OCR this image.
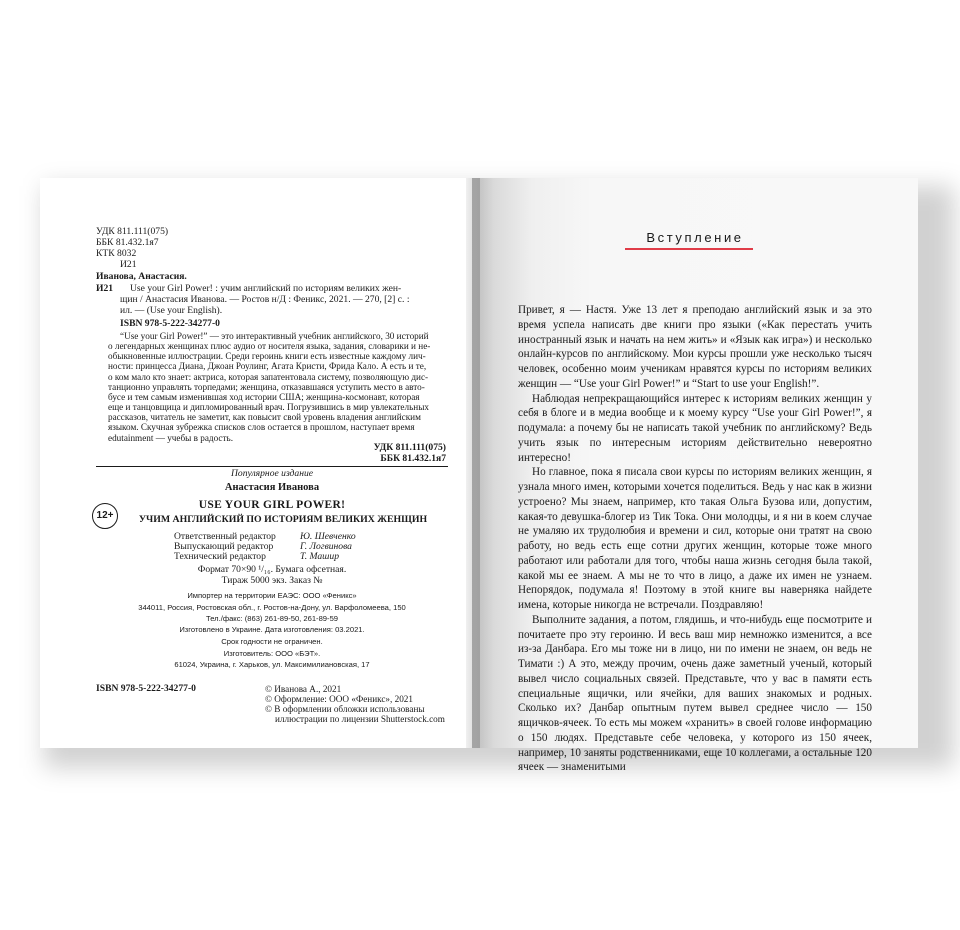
УДК 811.111(075)
ББК 81.432.1я7
КТК 8032
И21
Иванова, Анастасия.
И21 Use your Girl Power! : учим английский по историям великих жен-
щин / Анастасия Иванова. — Ростов н/Д : Феникс, 2021. — 270, [2] с. :
ил. — (Use your English).
ISBN 978-5-222-34277-0
“Use your Girl Power!” — это интерактивный учебник английского, 30 историй
о легендарных женщинах плюс аудио от носителя языка, задания, словарики и не-
обыкновенные иллюстрации. Среди героинь книги есть известные каждому лич-
ности: принцесса Диана, Джоан Роулинг, Агата Кристи, Фрида Кало. А есть и те,
о ком мало кто знает: актриса, которая запатентовала систему, позволяющую дис-
танционно управлять торпедами; женщина, отказавшаяся уступить место в авто-
бусе и тем самым изменившая ход истории США; женщина-космонавт, которая
еще и танцовщица и дипломированный врач. Погрузившись в мир увлекательных
рассказов, читатель не заметит, как повысит свой уровень владения английским
языком. Скучная зубрежка списков слов остается в прошлом, наступает время
edutainment — учебы в радость.
УДК 811.111(075)
ББК 81.432.1я7
Популярное издание
Анастасия Иванова
USE YOUR GIRL POWER!
УЧИМ АНГЛИЙСКИЙ ПО ИСТОРИЯМ ВЕЛИКИХ ЖЕНЩИН
12+
Ответственный редактор	Ю. Шевченко
Выпускающий редактор	Г. Логвинова
Технический редактор	Т. Машир
Формат 70×90 ¹/₁₆. Бумага офсетная.
Тираж 5000 экз. Заказ №
Импортер на территории ЕАЭС: ООО «Феникс»
344011, Россия, Ростовская обл., г. Ростов-на-Дону, ул. Варфоломеева, 150
Тел./факс: (863) 261-89-50, 261-89-59
Изготовлено в Украине. Дата изготовления: 03.2021.
Срок годности не ограничен.
Изготовитель: ООО «БЭТ».
61024, Украина, г. Харьков, ул. Максимилиановская, 17
ISBN 978-5-222-34277-0	© Иванова А., 2021
© Оформление: ООО «Феникс», 2021
© В оформлении обложки использованы
иллюстрации по лицензии Shutterstock.com
Вступление

Привет, я — Настя. Уже 13 лет я преподаю английский язык и за это время успела написать две книги про языки («Как перестать учить иностранный язык и начать на нем жить» и «Язык как игра») и несколько онлайн-курсов по английскому. Мои курсы прошли уже несколько тысяч человек, особенно моим ученикам нравятся курсы по историям великих женщин — “Use your Girl Power!” и “Start to use your English!”.

Наблюдая непрекращающийся интерес к историям великих женщин у себя в блоге и в медиа вообще и к моему курсу “Use your Girl Power!”, я подумала: а почему бы не написать такой учебник по английскому? Ведь учить язык по интересным историям действительно невероятно интересно!

Но главное, пока я писала свои курсы по историям великих женщин, я узнала много имен, которыми хочется поделиться. Ведь у нас как в жизни устроено? Мы знаем, например, кто такая Ольга Бузова или, допустим, какая-то девушка-блогер из Тик Тока. Они молодцы, и я ни в коем случае не умаляю их трудолюбия и времени и сил, которые они тратят на свою работу, но ведь есть еще сотни других женщин, которые тоже много работают или работали для того, чтобы наша жизнь сегодня была такой, какой мы ее знаем. А мы не то что в лицо, а даже их имен не узнаем. Непорядок, подумала я! Поэтому в этой книге вы наверняка найдете имена, которые никогда не встречали. Поздравляю!

Выполните задания, а потом, глядишь, и что-нибудь еще посмотрите и почитаете про эту героиню. И весь ваш мир немножко изменится, а все из-за Данбара. Его мы тоже ни в лицо, ни по имени не знаем, он ведь не Тимати :) А это, между прочим, очень даже заметный ученый, который вывел число социальных связей. Представьте, что у вас в памяти есть специальные ящички, или ячейки, для ваших знакомых и родных. Сколько их? Данбар опытным путем вывел среднее число — 150 ящичков-ячеек. То есть мы можем «хранить» в своей голове информацию о 150 людях. Представьте себе человека, у которого из 150 ячеек, например, 10 заняты родственниками, еще 10 коллегами, а остальные 120 ячеек — знаменитыми
